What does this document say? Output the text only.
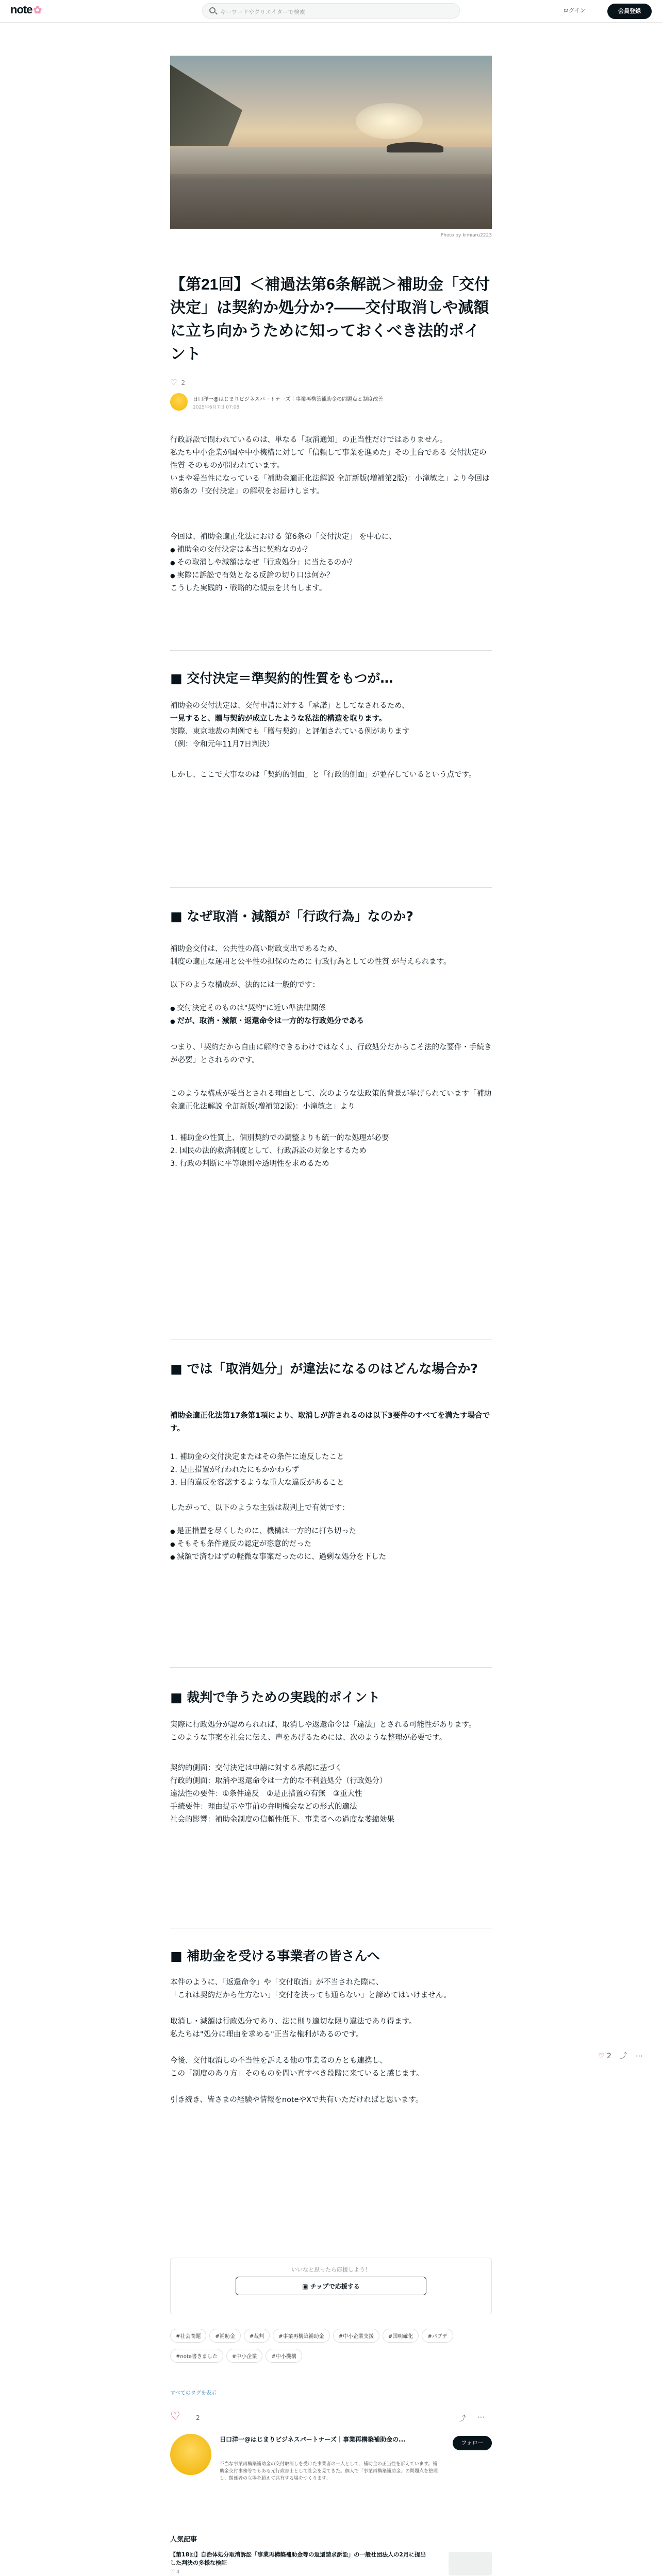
note ✿	キーワードやクリエイターで検索	ログイン	会員登録
Photo by kimiaru2223
【第21回】＜補過法第6条解説＞補助金「交付決定」は契約か処分か?――交付取消しや減額に立ち向かうために知っておくべき法的ポイント
♡ 2
日口洋一@はじまりビジネスパートナーズ｜事業再構築補助金の問題点と制度改善
2025年6月7日 07:08

行政訴訟で問われているのは、単なる「取消通知」の正当性だけではありません。

私たち中小企業が国や中小機構に対して「信頼して事業を進めた」その土台である 交付決定の性質 そのものが問われています。

いまや妥当性になっている「補助金適正化法解説 全訂新版(増補第2版)：小滝敏之」より今回は第6条の「交付決定」の解釈をお届けします。

今回は、補助金適正化法における 第6条の「交付決定」 を中心に、

● 補助金の交付決定は本当に契約なのか？
● その取消しや減額はなぜ「行政処分」に当たるのか？
● 実際に訴訟で有効となる反論の切り口は何か？

こうした実践的・戦略的な観点を共有します。

■ 交付決定＝準契約的性質をもつが…

補助金の交付決定は、交付申請に対する「承諾」としてなされるため、

一見すると、贈与契約が成立したような私法的構造を取ります。

実際、東京地裁の判例でも「贈与契約」と評価されている例があります

（例：令和元年11月7日判決）

しかし、ここで大事なのは「契約的側面」と「行政的側面」が並存しているという点です。

■ なぜ取消・減額が「行政行為」なのか?

補助金交付は、公共性の高い財政支出であるため、

制度の適正な運用と公平性の担保のために 行政行為としての性質 が与えられます。

以下のような構成が、法的には一般的です：

● 交付決定そのものは"契約"に近い準法律関係
● だが、取消・減額・返還命令は一方的な行政処分である

つまり、「契約だから自由に解約できるわけではなく」、行政処分だからこそ法的な要件・手続きが必要」とされるのです。

このような構成が妥当とされる理由として、次のような法政策的背景が挙げられています「補助金適正化法解説 全訂新版(増補第2版)：小滝敏之」より

1. 補助金の性質上、個別契約での調整よりも統一的な処理が必要

2. 国民の法的救済制度として、行政訴訟の対象とするため

3. 行政の判断に平等原則や透明性を求めるため

■ では「取消処分」が違法になるのはどんな場合か?

補助金適正化法第17条第1項により、取消しが許されるのは以下3要件のすべてを満たす場合です。

1. 補助金の交付決定またはその条件に違反したこと

2. 是正措置が行われたにもかかわらず

3. 目的違反を容認するような重大な違反があること

したがって、以下のような主張は裁判上で有効です：

● 是正措置を尽くしたのに、機構は一方的に打ち切った
● そもそも条件違反の認定が恣意的だった
● 減額で済むはずの軽微な事案だったのに、過剰な処分を下した
■ 裁判で争うための実践的ポイント

実際に行政処分が認められれば、取消しや返還命令は「違法」とされる可能性があります。

このような事案を社会に伝え、声をあげるためには、次のような整理が必要です。

契約的側面：交付決定は申請に対する承認に基づく

行政的側面：取消や返還命令は一方的な不利益処分（行政処分）

違法性の要件：①条件違反　②是正措置の有無　③重大性

手続要件：理由提示や事前の弁明機会などの形式的適法

社会的影響：補助金制度の信頼性低下、事業者への過度な萎縮効果

■ 補助金を受ける事業者の皆さんへ

本件のように、「返還命令」や「交付取消」が不当された際に、

「これは契約だから仕方ない」「交付を決っても通らない」と諦めてはいけません。

取消し・減額は行政処分であり、法に則り適切な限り違法であり得ます。

私たちは"処分に理由を求める"正当な権利があるのです。

今後、交付取消しの不当性を訴える他の事業者の方とも連携し、

この「制度のあり方」そのものを問い直すべき段階に来ていると感じます。

引き続き、皆さまの経験や情報をnoteやXで共有いただければと思います。

♡ 2 ⤴ ⋯
いいなと思ったら応援しよう！
▣ チップで応援する
#社会問題	#補助金	#裁判	#事業再構築補助金	#中小企業支援	#国明確化	#パブデ#note書きました	#中小企業	#中小機構
すべてのタグを表示
♡	2	⤴ ⋯
日口洋一@はじまりビジネスパートナーズ｜事業再構築補助金の...	フォロー
不当な事業再構築補助金の交付取消しを受けた事業者の一人として、補助金の正当性を訴えています。補助金交付事務等でもある元行政書士として社会を見てきた。個人で「事業再構築補助金」の問題点を整理し、関係者の立場を超えて共有する場をつくります。
人気記事
【第18回】自治体処分取消訴訟「事業再構築補助金等の返還請求訴訟」の一般社団法人の2月に提出した判決の多様な検証
♡ 4
